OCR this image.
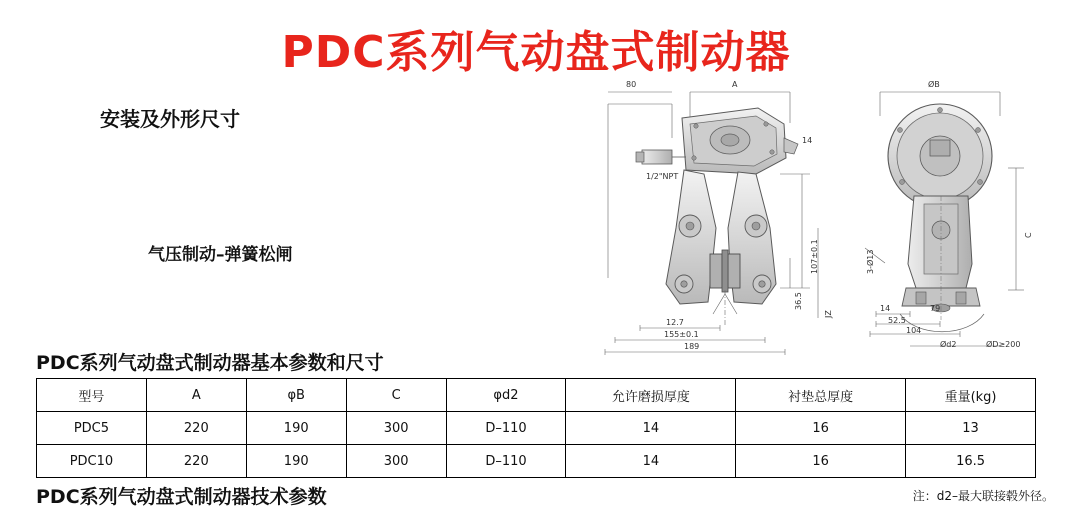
PDC系列气动盘式制动器
安装及外形尺寸
气压制动–弹簧松闸
80	A
14
107±0.1
36.5
JZ
12.7
155±0.1
189
1/2"NPT
ØB
C
3-Ø13
14
52.5
79
104
Ød2	ØD≥200
PDC系列气动盘式制动器基本参数和尺寸
型号	A	φB	C	φd2	允许磨损厚度	衬垫总厚度	重量(kg)
PDC5	220	190	300	D–110	14	16	13
PDC10	220	190	300	D–110	14	16	16.5
PDC系列气动盘式制动器技术参数	注：d2–最大联接毂外径。
